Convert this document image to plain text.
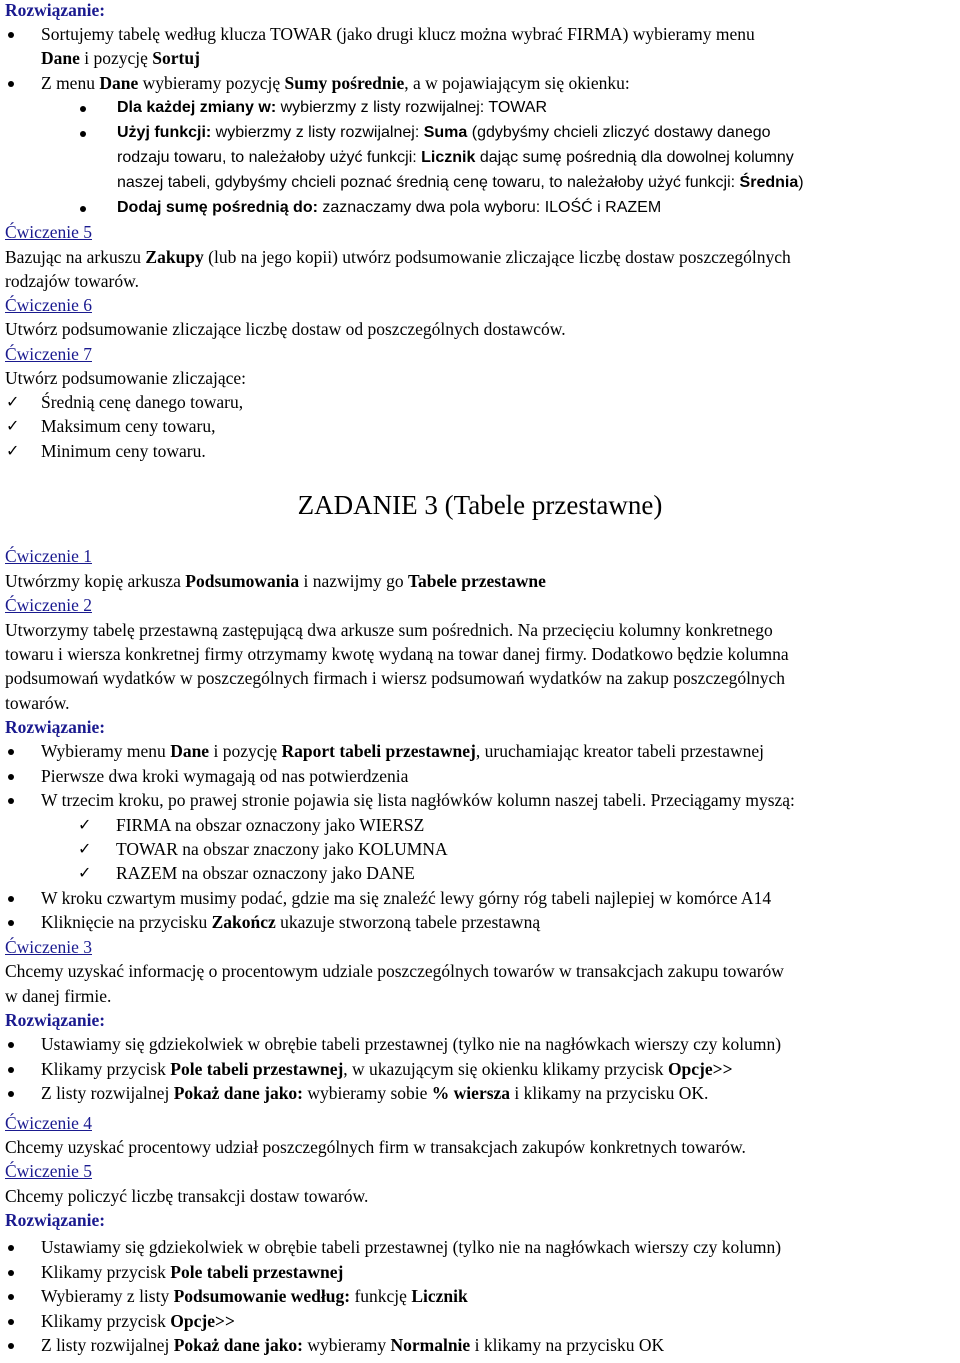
Rozwiązanie:
Sortujemy tabelę według klucza TOWAR (jako drugi klucz można wybrać FIRMA) wybieramy menu
Dane i pozycję Sortuj
Z menu Dane wybieramy pozycję Sumy pośrednie, a w pojawiającym się okienku:
Dla każdej zmiany w: wybierzmy z listy rozwijalnej: TOWAR
Użyj funkcji: wybierzmy z listy rozwijalnej: Suma (gdybyśmy chcieli zliczyć dostawy danego
rodzaju towaru, to należałoby użyć funkcji: Licznik dając sumę pośrednią dla dowolnej kolumny
naszej tabeli, gdybyśmy chcieli poznać średnią cenę towaru, to należałoby użyć funkcji: Średnia)
Dodaj sumę pośrednią do: zaznaczamy dwa pola wyboru: ILOŚĆ i RAZEM
Ćwiczenie 5
Bazując na arkuszu Zakupy (lub na jego kopii) utwórz podsumowanie zliczające liczbę dostaw poszczególnych
rodzajów towarów.
Ćwiczenie 6
Utwórz podsumowanie zliczające liczbę dostaw od poszczególnych dostawców.
Ćwiczenie 7
Utwórz podsumowanie zliczające:
✓ Średnią cenę danego towaru,
✓ Maksimum ceny towaru,
✓ Minimum ceny towaru.
ZADANIE 3 (Tabele przestawne)
Ćwiczenie 1
Utwórzmy kopię arkusza Podsumowania i nazwijmy go Tabele przestawne
Ćwiczenie 2
Utworzymy tabelę przestawną zastępującą dwa arkusze sum pośrednich. Na przecięciu kolumny konkretnego
towaru i wiersza konkretnej firmy otrzymamy kwotę wydaną na towar danej firmy. Dodatkowo będzie kolumna
podsumowań wydatków w poszczególnych firmach i wiersz podsumowań wydatków na zakup poszczególnych
towarów.
Rozwiązanie:
Wybieramy menu Dane i pozycję Raport tabeli przestawnej, uruchamiając kreator tabeli przestawnej
Pierwsze dwa kroki wymagają od nas potwierdzenia
W trzecim kroku, po prawej stronie pojawia się lista nagłówków kolumn naszej tabeli. Przeciągamy myszą:
✓ FIRMA na obszar oznaczony jako WIERSZ
✓ TOWAR na obszar znaczony jako KOLUMNA
✓ RAZEM na obszar oznaczony jako DANE
W kroku czwartym musimy podać, gdzie ma się znaleźć lewy górny róg tabeli najlepiej w komórce A14
Kliknięcie na przycisku Zakończ ukazuje stworzoną tabele przestawną
Ćwiczenie 3
Chcemy uzyskać informację o procentowym udziale poszczególnych towarów w transakcjach zakupu towarów
w danej firmie.
Rozwiązanie:
Ustawiamy się gdziekolwiek w obrębie tabeli przestawnej (tylko nie na nagłówkach wierszy czy kolumn)
Klikamy przycisk Pole tabeli przestawnej, w ukazującym się okienku klikamy przycisk Opcje>>
Z listy rozwijalnej Pokaż dane jako: wybieramy sobie % wiersza i klikamy na przycisku OK.
Ćwiczenie 4
Chcemy uzyskać procentowy udział poszczególnych firm w transakcjach zakupów konkretnych towarów.
Ćwiczenie 5
Chcemy policzyć liczbę transakcji dostaw towarów.
Rozwiązanie:
Ustawiamy się gdziekolwiek w obrębie tabeli przestawnej (tylko nie na nagłówkach wierszy czy kolumn)
Klikamy przycisk Pole tabeli przestawnej
Wybieramy z listy Podsumowanie według: funkcję Licznik
Klikamy przycisk Opcje>>
Z listy rozwijalnej Pokaż dane jako: wybieramy Normalnie i klikamy na przycisku OK
